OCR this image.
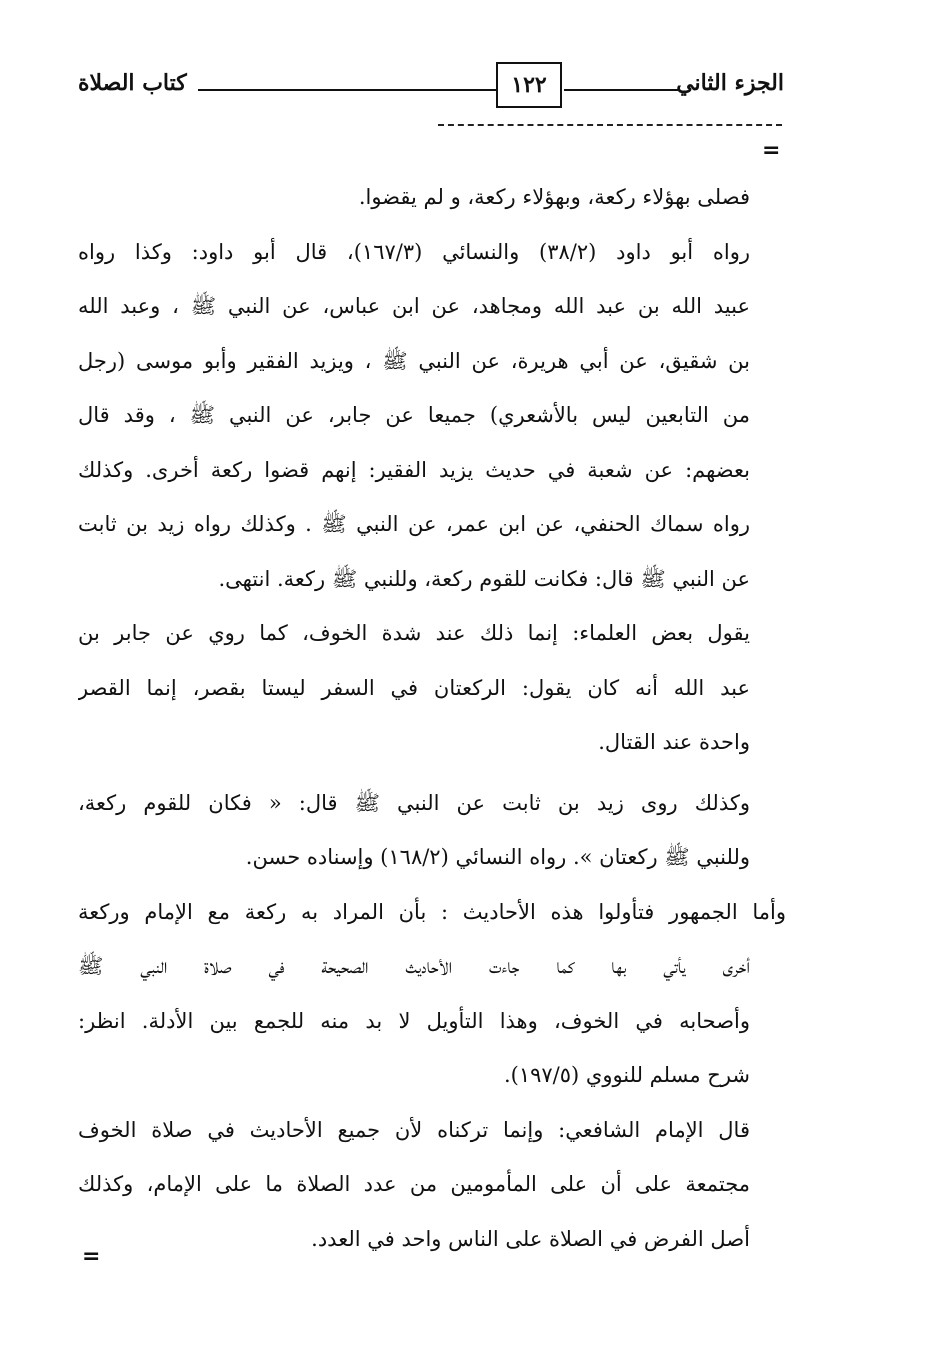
الجزء الثاني
١٢٢
كتاب الصلاة
=
فصلى بهؤلاء ركعة، وبهؤلاء ركعة، و لم يقضوا.
رواه أبو داود (٣٨/٢) والنسائي (١٦٧/٣)، قال أبو داود: وكذا رواه
عبيد الله بن عبد الله ومجاهد، عن ابن عباس، عن النبي ﷺ ، وعبد الله
بن شقيق، عن أبي هريرة، عن النبي ﷺ ، ويزيد الفقير وأبو موسى (رجل
من التابعين ليس بالأشعري) جميعا عن جابر، عن النبي ﷺ ، وقد قال
بعضهم: عن شعبة في حديث يزيد الفقير: إنهم قضوا ركعة أخرى. وكذلك
رواه سماك الحنفي، عن ابن عمر، عن النبي ﷺ . وكذلك رواه زيد بن ثابت
عن النبي ﷺ قال: فكانت للقوم ركعة، وللنبي ﷺ ركعة. انتهى.
يقول بعض العلماء: إنما ذلك عند شدة الخوف، كما روي عن جابر بن
عبد الله أنه كان يقول: الركعتان في السفر ليستا بقصر، إنما القصر
واحدة عند القتال.
وكذلك روى زيد بن ثابت عن النبي ﷺ قال: « فكان للقوم ركعة،
وللنبي ﷺ ركعتان ». رواه النسائي (١٦٨/٢) وإسناده حسن.
وأما الجمهور فتأولوا هذه الأحاديث : بأن المراد به ركعة مع الإمام وركعة
أخرى يأتي بها كما جاءت الأحاديث الصحيحة في صلاة النبي ﷺ
وأصحابه في الخوف، وهذا التأويل لا بد منه للجمع بين الأدلة. انظر:
شرح مسلم للنووي (١٩٧/٥).
قال الإمام الشافعي: وإنما تركناه لأن جميع الأحاديث في صلاة الخوف
مجتمعة على أن على المأمومين من عدد الصلاة ما على الإمام، وكذلك
أصل الفرض في الصلاة على الناس واحد في العدد.
=
